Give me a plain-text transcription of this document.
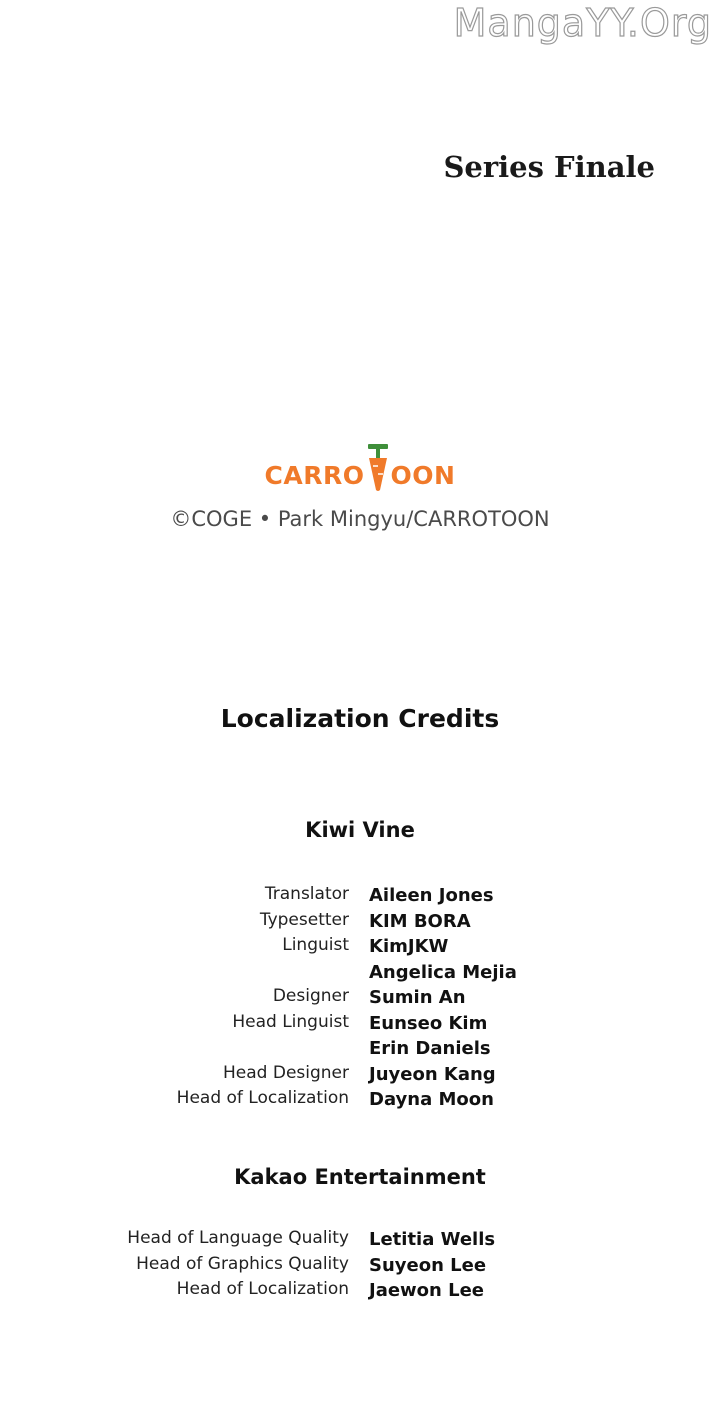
MangaYY.Org
Series Finale
CARRO OON
©COGE • Park Mingyu/CARROTOON
Localization Credits
Kiwi Vine
Translator Aileen Jones
Typesetter KIM BORA
Linguist KimJKW
Angelica Mejia
Designer Sumin An
Head Linguist Eunseo Kim
Erin Daniels
Head Designer Juyeon Kang
Head of Localization Dayna Moon
Kakao Entertainment
Head of Language Quality Letitia Wells
Head of Graphics Quality Suyeon Lee
Head of Localization Jaewon Lee
